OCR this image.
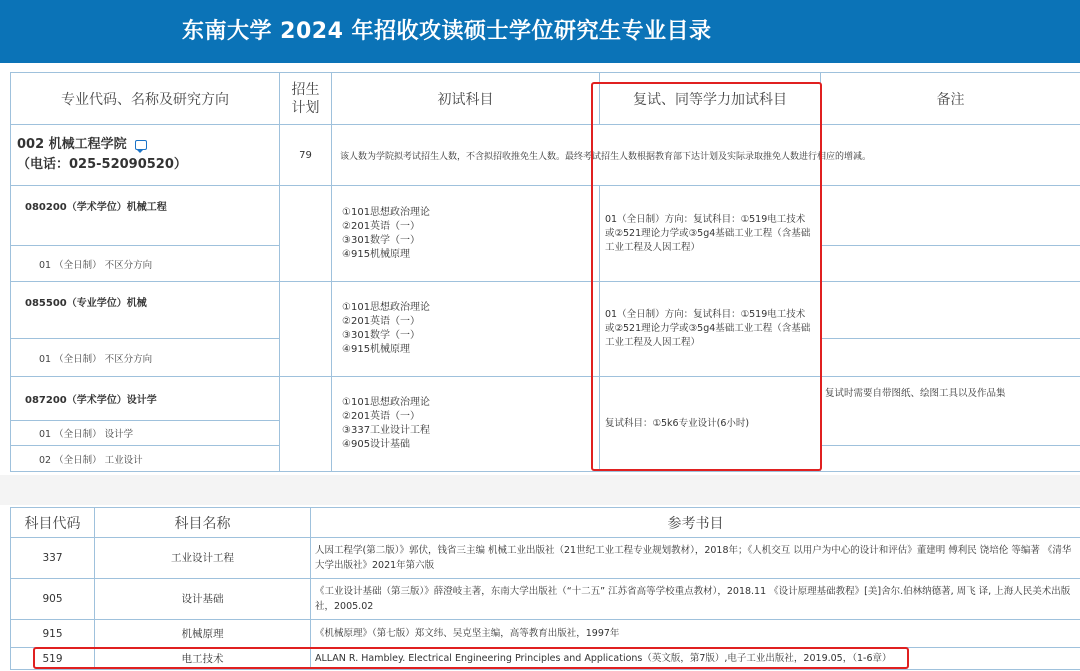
东南大学 2024 年招收攻读硕士学位研究生专业目录
专业代码、名称及研究方向	招生
计划	初试科目	复试、同等学力加试科目	备注

002 机械工程学院
（电话：025-52090520）	79	该人数为学院拟考试招生人数，不含拟招收推免生人数。最终考试招生人数根据教育部下达计划及实际录取推免人数进行相应的增减。		
080200（学术学位）机械工程		①101思想政治理论
②201英语（一）
③301数学（一）
④915机械原理	01（全日制）方向：复试科目：①519电工技术或②521理论力学或③5g4基础工业工程（含基础工业工程及人因工程）	
01 （全日制） 不区分方向				
085500（专业学位）机械		①101思想政治理论
②201英语（一）
③301数学（一）
④915机械原理	01（全日制）方向：复试科目：①519电工技术或②521理论力学或③5g4基础工业工程（含基础工业工程及人因工程）	
01 （全日制） 不区分方向				
087200（学术学位）设计学		①101思想政治理论
②201英语（一）
③337工业设计工程
④905设计基础	复试科目：①5k6专业设计(6小时)	复试时需要自带图纸、绘图工具以及作品集
01 （全日制） 设计学				
02 （全日制） 工业设计				
科目代码	科目名称	参考书目
337	工业设计工程	人因工程学(第二版）》郭伏，钱省三主编 机械工业出版社（21世纪工业工程专业规划教材），2018年；《人机交互 以用户为中心的设计和评估》董建明 傅利民 饶培伦 等编著 《清华大学出版社》2021年第六版
905	设计基础	《工业设计基础（第三版）》薛澄岐主著，东南大学出版社（“十二五” 江苏省高等学校重点教材），2018.11 《设计原理基础教程》[美]舍尔.伯林纳德著, 周飞 译, 上海人民美术出版社，2005.02
915	机械原理	《机械原理》（第七版）郑文纬、吴克坚主编，高等教育出版社，1997年
519	电工技术	ALLAN R. Hambley. Electrical Engineering Principles and Applications（英文版，第7版）,电子工业出版社，2019.05，（1-6章）
